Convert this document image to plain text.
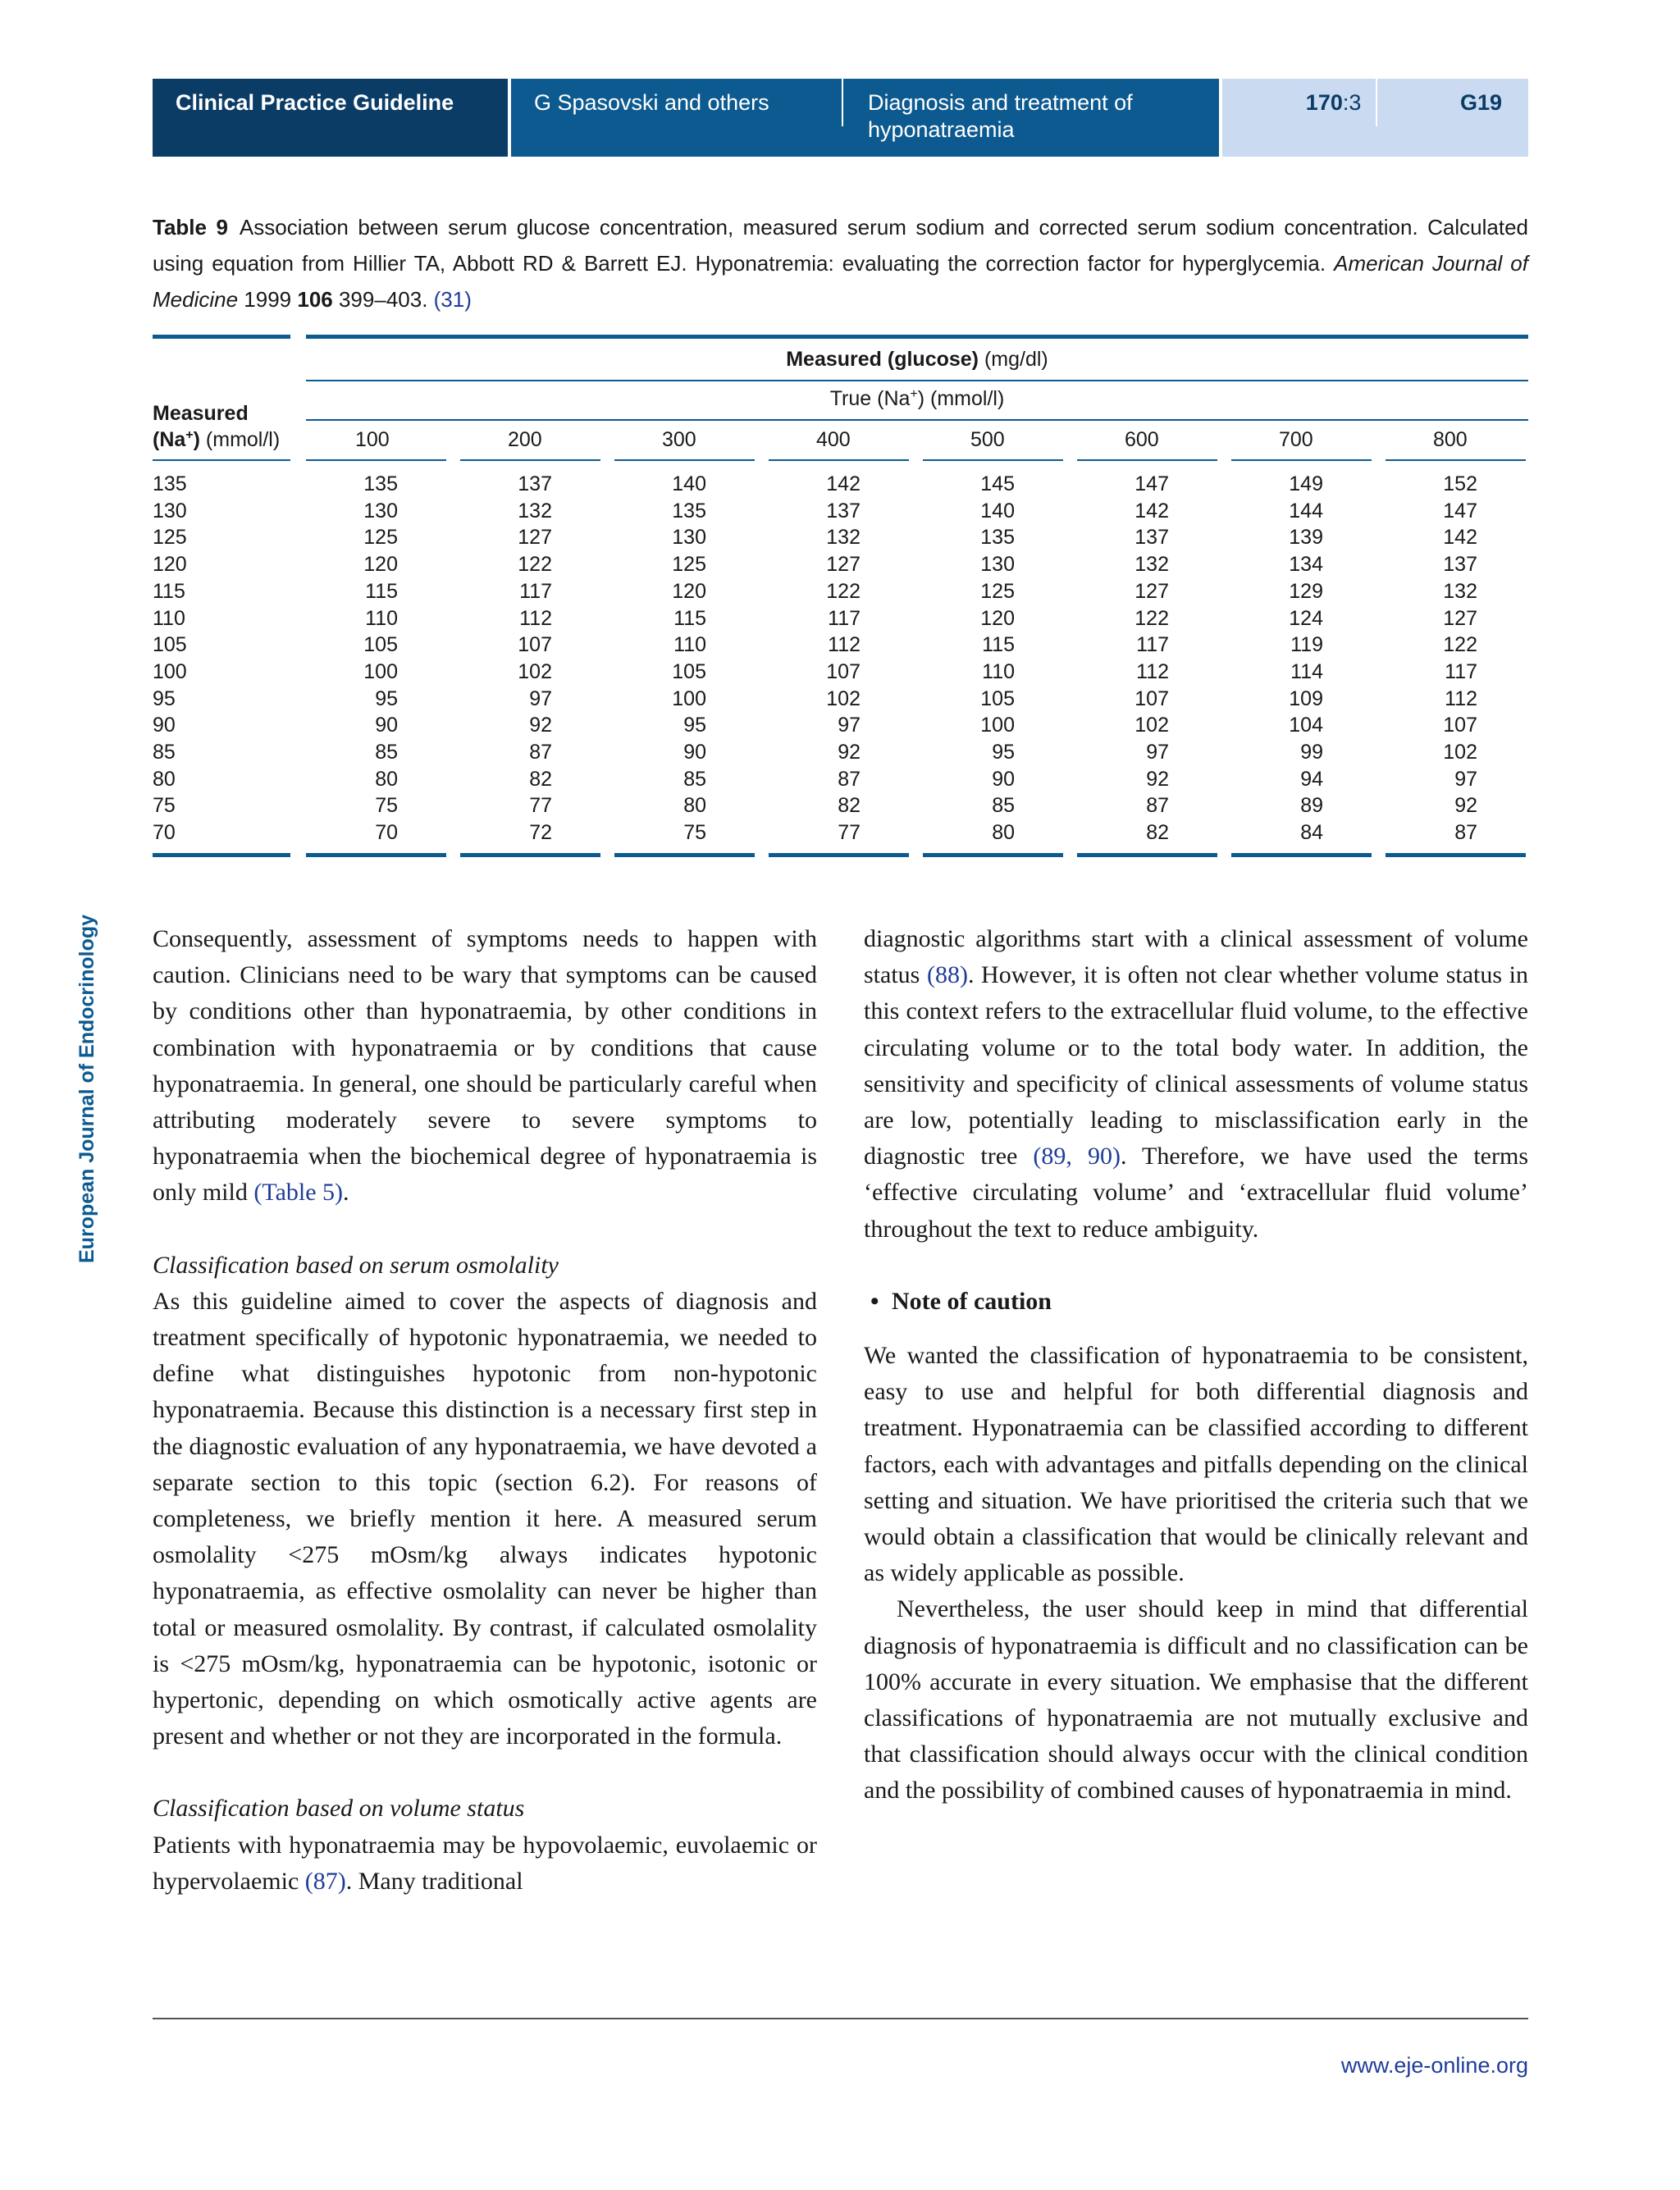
Clinical Practice Guideline	G Spasovski and others	Diagnosis and treatment of
hyponatraemia
170:3	G19
Table 9 Association between serum glucose concentration, measured serum sodium and corrected serum sodium concentration. Calculated using equation from Hillier TA, Abbott RD & Barrett EJ. Hyponatremia: evaluating the correction factor for hyperglycemia. American Journal of Medicine 1999 106 399–403. (31)
Measured (glucose) (mg/dl)
True (Na+) (mmol/l)
Measured
(Na+) (mmol/l)	100	200	300	400	500	600	700	800
135	135	137	140	142	145	147	149	152
130	130	132	135	137	140	142	144	147
125	125	127	130	132	135	137	139	142
120	120	122	125	127	130	132	134	137
115	115	117	120	122	125	127	129	132
110	110	112	115	117	120	122	124	127
105	105	107	110	112	115	117	119	122
100	100	102	105	107	110	112	114	117
95	95	97	100	102	105	107	109	112
90	90	92	95	97	100	102	104	107
85	85	87	90	92	95	97	99	102
80	80	82	85	87	90	92	94	97
75	75	77	80	82	85	87	89	92
70	70	72	75	77	80	82	84	87
European Journal of Endocrinology Consequently, assessment of symptoms needs to happen with caution. Clinicians need to be wary that symptoms can be caused by conditions other than hyponatraemia, by other conditions in combination with hyponatraemia or by conditions that cause hyponatraemia. In general, one should be particularly careful when attributing moderately severe to severe symptoms to hyponatraemia when the biochemical degree of hyponatraemia is only mild (Table 5).

Classification based on serum osmolality

As this guideline aimed to cover the aspects of diagnosis and treatment specifically of hypotonic hyponatraemia, we needed to define what distinguishes hypotonic from non-hypotonic hyponatraemia. Because this distinction is a necessary first step in the diagnostic evaluation of any hyponatraemia, we have devoted a separate section to this topic (section 6.2). For reasons of completeness, we briefly mention it here. A measured serum osmolality <275 mOsm/kg always indicates hypotonic hyponatraemia, as effective osmolality can never be higher than total or measured osmolality. By contrast, if calculated osmolality is <275 mOsm/kg, hyponatraemia can be hypotonic, isotonic or hypertonic, depending on which osmotically active agents are present and whether or not they are incorporated in the formula.

Classification based on volume status

Patients with hyponatraemia may be hypovolaemic, euvolaemic or hypervolaemic (87). Many traditional

diagnostic algorithms start with a clinical assessment of volume status (88). However, it is often not clear whether volume status in this context refers to the extracellular fluid volume, to the effective circulating volume or to the total body water. In addition, the sensitivity and specificity of clinical assessments of volume status are low, potentially leading to misclassification early in the diagnostic tree (89, 90). Therefore, we have used the terms ‘effective circulating volume’ and ‘extracellular fluid volume’ throughout the text to reduce ambiguity.

• Note of caution

We wanted the classification of hyponatraemia to be consistent, easy to use and helpful for both differential diagnosis and treatment. Hyponatraemia can be classified according to different factors, each with advantages and pitfalls depending on the clinical setting and situation. We have prioritised the criteria such that we would obtain a classification that would be clinically relevant and as widely applicable as possible.

Nevertheless, the user should keep in mind that differential diagnosis of hyponatraemia is difficult and no classification can be 100% accurate in every situation. We emphasise that the different classifications of hyponatraemia are not mutually exclusive and that classification should always occur with the clinical condition and the possibility of combined causes of hyponatraemia in mind.

www.eje-online.org
